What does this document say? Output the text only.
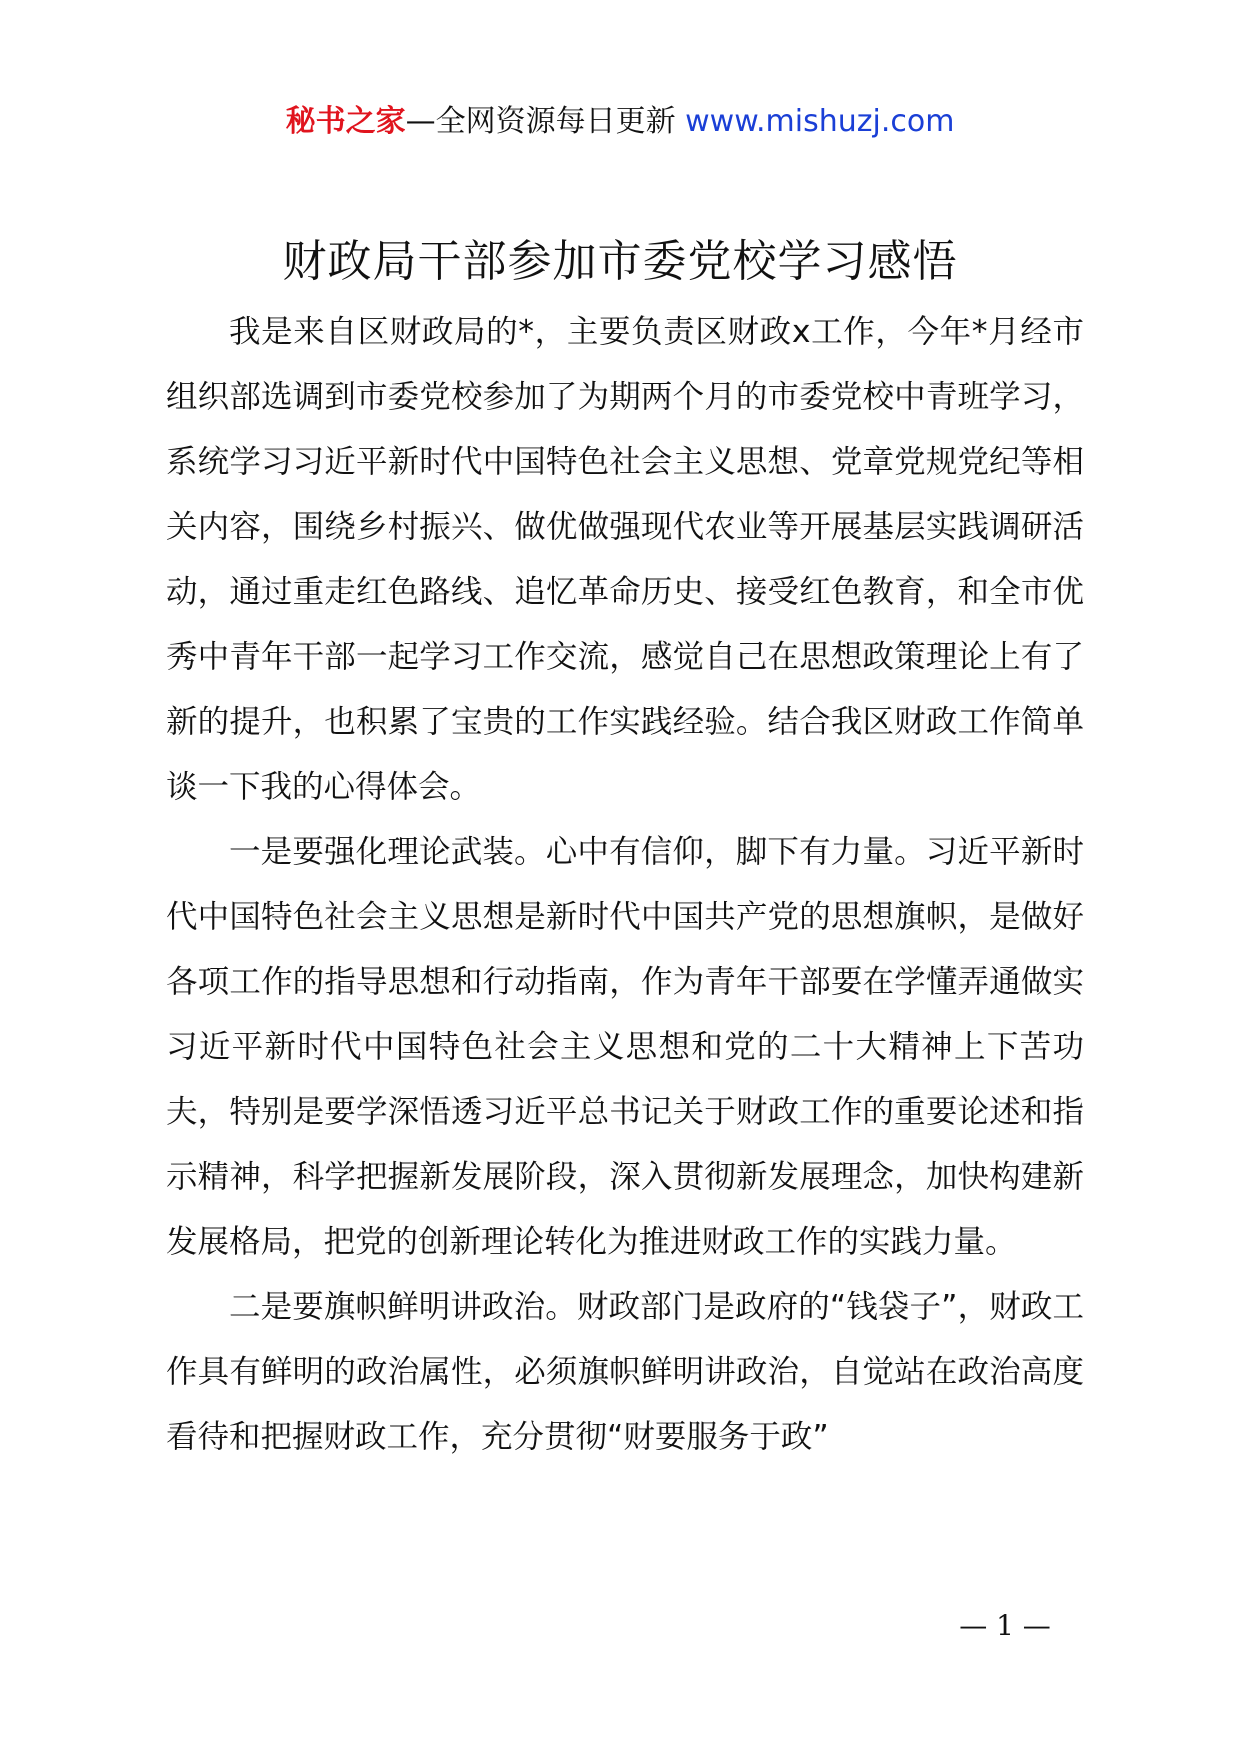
秘书之家—全网资源每日更新 www.mishuzj.com
财政局干部参加市委党校学习感悟

我是来自区财政局的*，主要负责区财政x工作，今年*月经市组织部选调到市委党校参加了为期两个月的市委党校中青班学习，系统学习习近平新时代中国特色社会主义思想、党章党规党纪等相关内容，围绕乡村振兴、做优做强现代农业等开展基层实践调研活动，通过重走红色路线、追忆革命历史、接受红色教育，和全市优秀中青年干部一起学习工作交流，感觉自己在思想政策理论上有了新的提升，也积累了宝贵的工作实践经验。结合我区财政工作简单谈一下我的心得体会。

一是要强化理论武装。心中有信仰，脚下有力量。习近平新时代中国特色社会主义思想是新时代中国共产党的思想旗帜，是做好各项工作的指导思想和行动指南，作为青年干部要在学懂弄通做实习近平新时代中国特色社会主义思想和党的二十大精神上下苦功夫，特别是要学深悟透习近平总书记关于财政工作的重要论述和指示精神，科学把握新发展阶段，深入贯彻新发展理念，加快构建新发展格局，把党的创新理论转化为推进财政工作的实践力量。

二是要旗帜鲜明讲政治。财政部门是政府的“钱袋子”，财政工作具有鲜明的政治属性，必须旗帜鲜明讲政治，自觉站在政治高度看待和把握财政工作，充分贯彻“财要服务于政”

— 1 —
